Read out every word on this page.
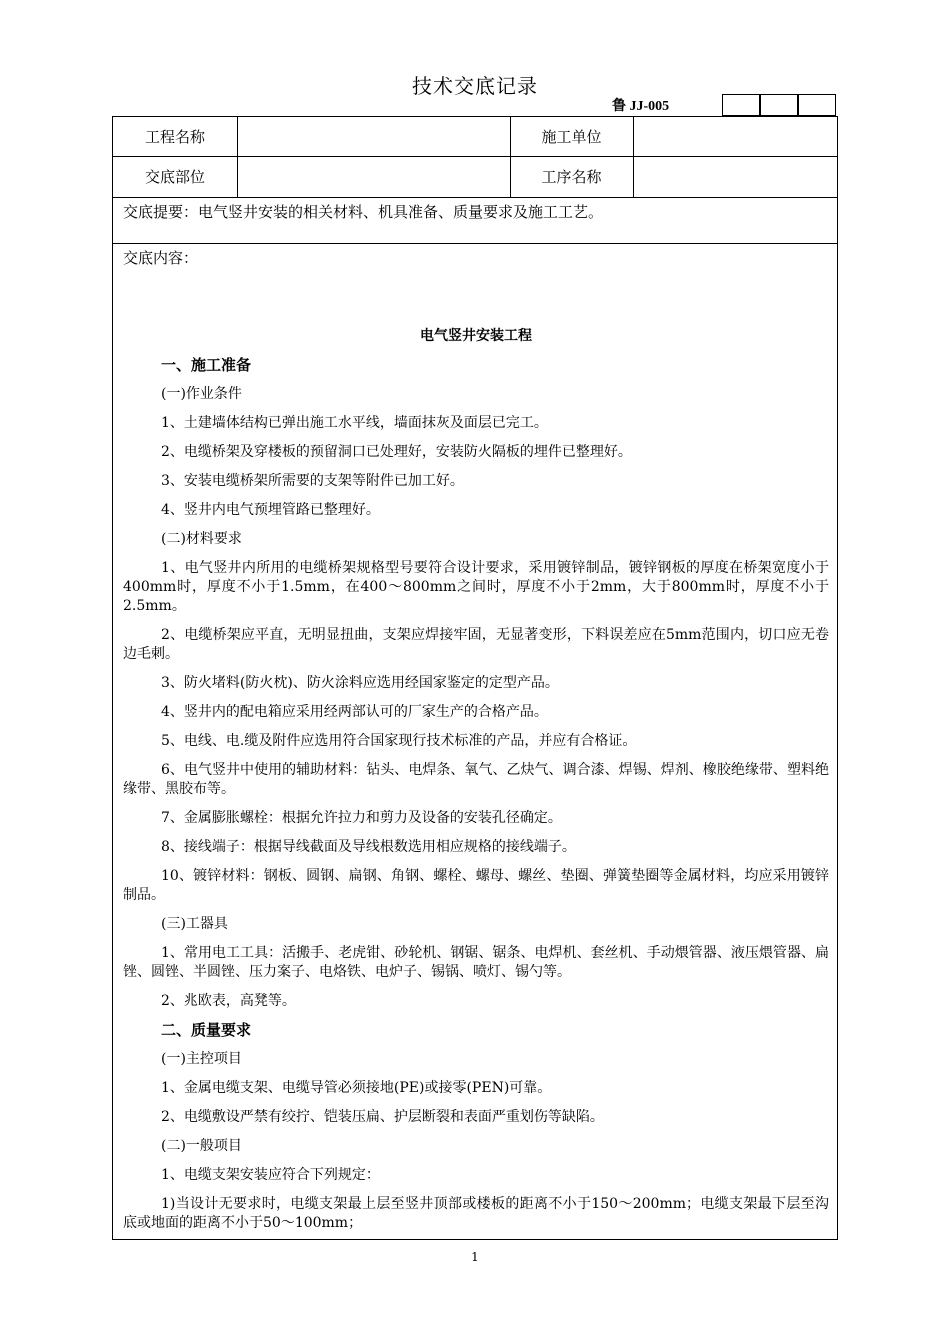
技术交底记录
鲁 JJ-005
工程名称	施工单位
交底部位	工序名称
交底提要：电气竖井安装的相关材料、机具准备、质量要求及施工工艺。
交底内容：
电气竖井安装工程
一、施工准备
(一)作业条件
1、土建墙体结构已弹出施工水平线，墙面抹灰及面层已完工。
2、电缆桥架及穿楼板的预留洞口已处理好，安装防火隔板的埋件已整理好。
3、安装电缆桥架所需要的支架等附件已加工好。
4、竖井内电气预埋管路已整理好。
(二)材料要求
1、电气竖井内所用的电缆桥架规格型号要符合设计要求，采用镀锌制品，镀锌钢板的厚度在桥架宽度小于400mm时，厚度不小于1.5mm，在400～800mm之间时，厚度不小于2mm，大于800mm时，厚度不小于2.5mm。
2、电缆桥架应平直，无明显扭曲，支架应焊接牢固，无显著变形，下料误差应在5mm范围内，切口应无卷边毛刺。
3、防火堵料(防火枕)、防火涂料应选用经国家鉴定的定型产品。
4、竖井内的配电箱应采用经两部认可的厂家生产的合格产品。
5、电线、电.缆及附件应选用符合国家现行技术标准的产品，并应有合格证。
6、电气竖井中使用的辅助材料：钻头、电焊条、氧气、乙炔气、调合漆、焊锡、焊剂、橡胶绝缘带、塑料绝缘带、黑胶布等。
7、金属膨胀螺栓：根据允许拉力和剪力及设备的安装孔径确定。
8、接线端子：根据导线截面及导线根数选用相应规格的接线端子。
10、镀锌材料：钢板、圆钢、扁钢、角钢、螺栓、螺母、螺丝、垫圈、弹簧垫圈等金属材料，均应采用镀锌制品。
(三)工器具
1、常用电工工具：活搬手、老虎钳、砂轮机、钢锯、锯条、电焊机、套丝机、手动煨管器、液压煨管器、扁锉、圆锉、半圆锉、压力案子、电烙铁、电炉子、锡锅、喷灯、锡勺等。
2、兆欧表，高凳等。
二、质量要求
(一)主控项目
1、金属电缆支架、电缆导管必须接地(PE)或接零(PEN)可靠。
2、电缆敷设严禁有绞拧、铠装压扁、护层断裂和表面严重划伤等缺陷。
(二)一般项目
1、电缆支架安装应符合下列规定：
1)当设计无要求时，电缆支架最上层至竖井顶部或楼板的距离不小于150～200mm；电缆支架最下层至沟底或地面的距离不小于50～100mm；
1
